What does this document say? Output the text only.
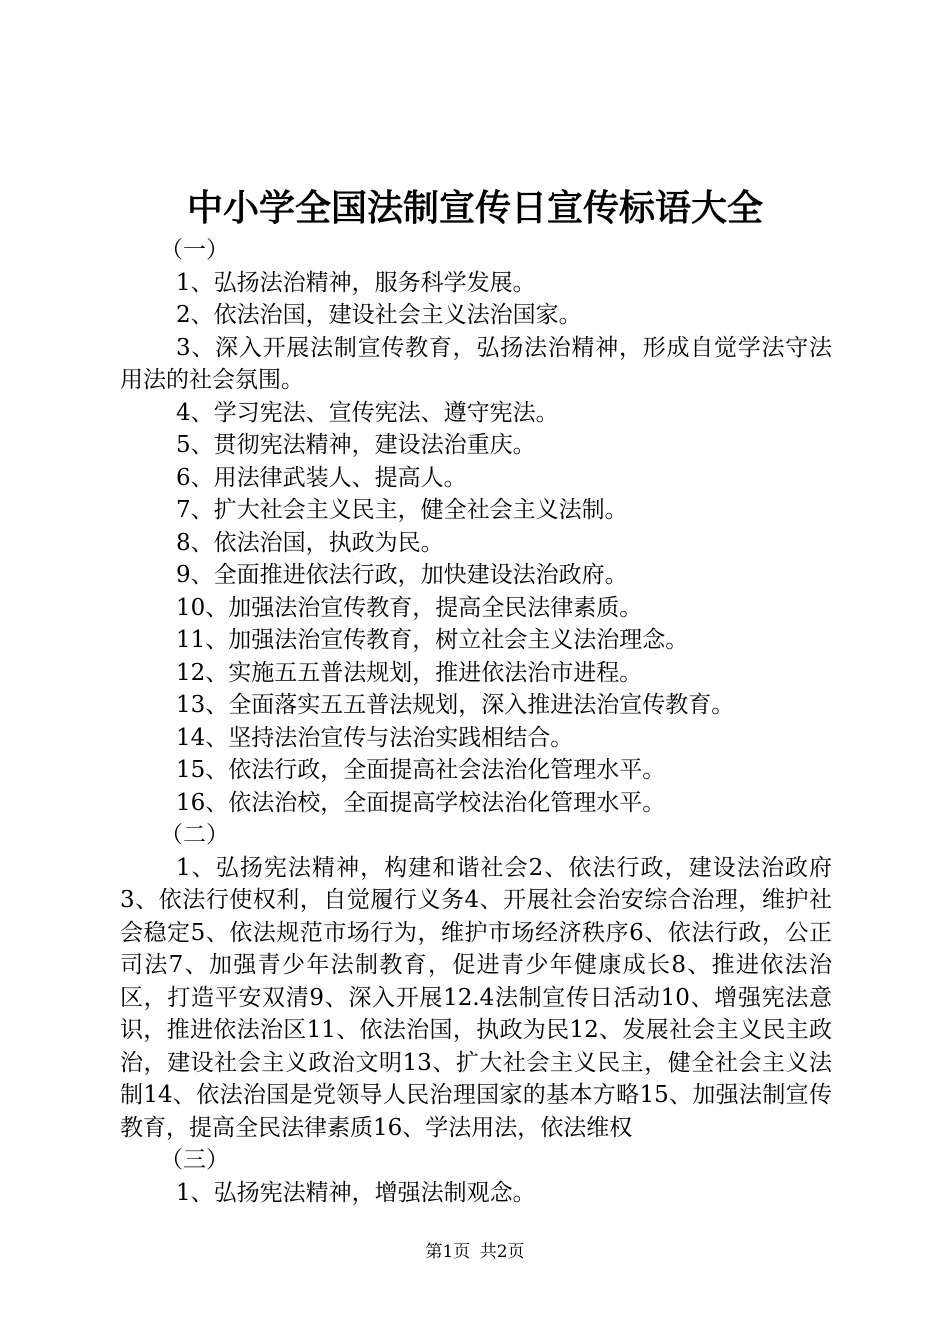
中小学全国法制宣传日宣传标语大全
（一）
1、弘扬法治精神，服务科学发展。
2、依法治国，建设社会主义法治国家。
3、深入开展法制宣传教育，弘扬法治精神，形成自觉学法守法用法的社会氛围。
4、学习宪法、宣传宪法、遵守宪法。
5、贯彻宪法精神，建设法治重庆。
6、用法律武装人、提高人。
7、扩大社会主义民主，健全社会主义法制。
8、依法治国，执政为民。
9、全面推进依法行政，加快建设法治政府。
10、加强法治宣传教育，提高全民法律素质。
11、加强法治宣传教育，树立社会主义法治理念。
12、实施五五普法规划，推进依法治市进程。
13、全面落实五五普法规划，深入推进法治宣传教育。
14、坚持法治宣传与法治实践相结合。
15、依法行政，全面提高社会法治化管理水平。
16、依法治校，全面提高学校法治化管理水平。
（二）
1、弘扬宪法精神，构建和谐社会2、依法行政，建设法治政府3、依法行使权利，自觉履行义务4、开展社会治安综合治理，维护社会稳定5、依法规范市场行为，维护市场经济秩序6、依法行政，公正司法7、加强青少年法制教育，促进青少年健康成长8、推进依法治区，打造平安双清9、深入开展12.4法制宣传日活动10、增强宪法意识，推进依法治区11、依法治国，执政为民12、发展社会主义民主政治，建设社会主义政治文明13、扩大社会主义民主，健全社会主义法制14、依法治国是党领导人民治理国家的基本方略15、加强法制宣传教育，提高全民法律素质16、学法用法，依法维权
（三）
1、弘扬宪法精神，增强法制观念。
第1页 共2页
